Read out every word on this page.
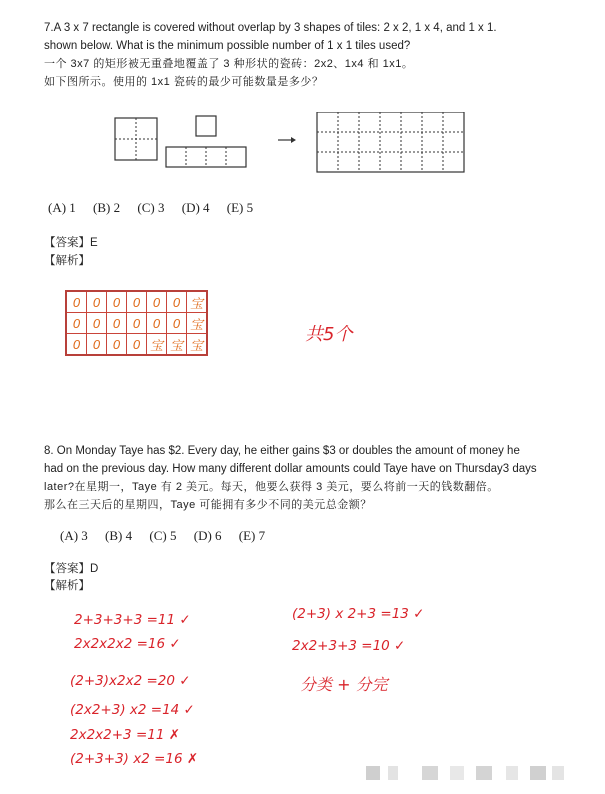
7.A 3 x 7 rectangle is covered without overlap by 3 shapes of tiles: 2 x 2, 1 x 4, and 1 x 1.
shown below. What is the minimum possible number of 1 x 1 tiles used?
一个 3x7 的矩形被无重叠地覆盖了 3 种形状的瓷砖：2x2、1x4 和 1x1。
如下图所示。使用的 1x1 瓷砖的最少可能数量是多少？
(A) 1 (B) 2 (C) 3 (D) 4 (E) 5
【答案】E
【解析】
0	0	0	0	0	0	宝
0	0	0	0	0	0	宝
0	0	0	0	宝	宝	宝	共5个
8. On Monday Taye has $2. Every day, he either gains $3 or doubles the amount of money he
had on the previous day. How many different dollar amounts could Taye have on Thursday3 days
later?在星期一，Taye 有 2 美元。每天，他要么获得 3 美元，要么将前一天的钱数翻倍。
那么在三天后的星期四，Taye 可能拥有多少不同的美元总金额？
(A) 3 (B) 4 (C) 5 (D) 6 (E) 7
【答案】D
【解析】
2+3+3+3 =11 ✓
2x2x2x2 =16 ✓
(2+3)x2x2 =20 ✓
(2x2+3) x2 =14 ✓
2x2x2+3 =11 ✗
(2+3+3) x2 =16 ✗
(2+3) x 2+3 =13 ✓
2x2+3+3 =10 ✓
分类 + 分完
